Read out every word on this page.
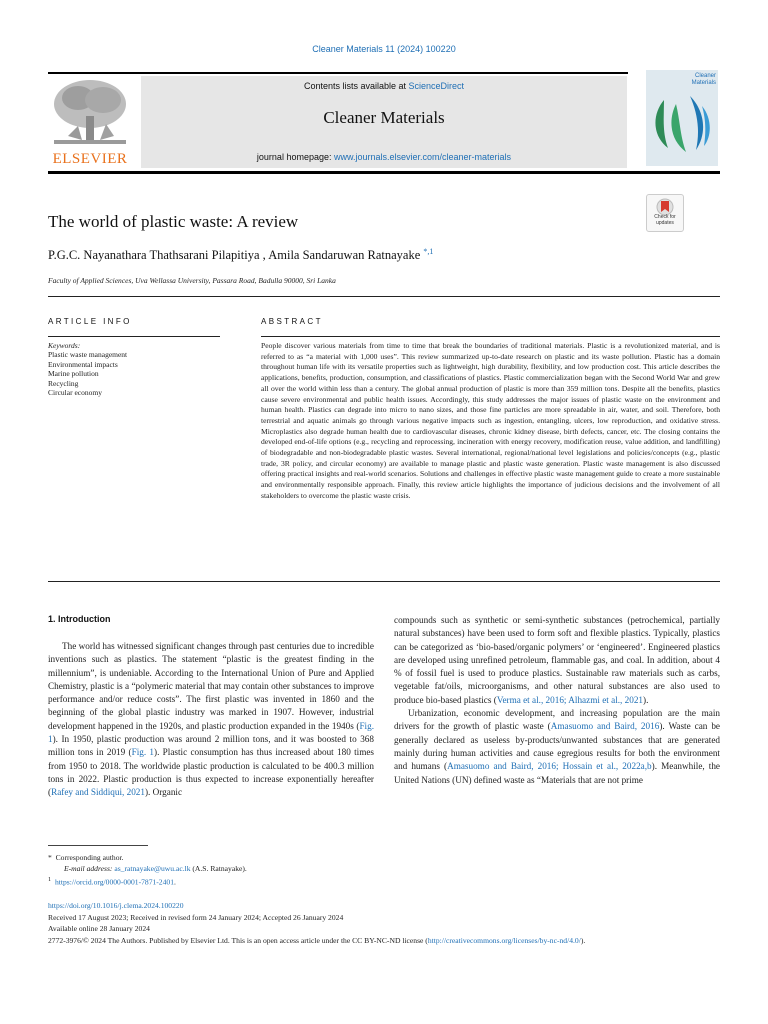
Cleaner Materials 11 (2024) 100220
ELSEVIER
Contents lists available at ScienceDirect
Cleaner Materials
journal homepage: www.journals.elsevier.com/cleaner-materials
Cleaner Materials
The world of plastic waste: A review	Check for updates
P.G.C. Nayanathara Thathsarani Pilapitiya , Amila Sandaruwan Ratnayake $^{*,1}$
Faculty of Applied Sciences, Uva Wellassa University, Passara Road, Badulla 90000, Sri Lanka
ARTICLE INFO	ABSTRACT
Keywords:
Plastic waste management
Environmental impacts
Marine pollution
Recycling
Circular economy
People discover various materials from time to time that break the boundaries of traditional materials. Plastic is a revolutionized material, and is referred to as “a material with 1,000 uses”. This review summarized up-to-date research on plastic and its waste pollution. Plastic has a domain throughout human life with its versatile properties such as lightweight, high durability, flexibility, and low production cost. This article describes the applications, benefits, production, consumption, and classifications of plastics. Plastic commercialization began with the Second World War and grew all over the world within less than a century. The global annual production of plastic is more than 359 million tons. Despite all the benefits, plastics cause severe environmental and public health issues. Accordingly, this study addresses the major issues of plastic waste on the environment and human health. Plastics can degrade into micro to nano sizes, and those fine particles are more spreadable in air, water, and soil. Therefore, both terrestrial and aquatic animals go through various negative impacts such as ingestion, entangling, ulcers, low reproduction, and oxidative stress. Microplastics also degrade human health due to cardiovascular diseases, chronic kidney disease, birth defects, cancer, etc. The closing contains the developed end-of-life options (e.g., recycling and reprocessing, incineration with energy recovery, modification reuse, value addition, and landfilling) of biodegradable and non-biodegradable plastic wastes. Several international, regional/national level legislations and policies/concepts (e.g., plastic trade, 3R policy, and circular economy) are available to manage plastic and plastic waste generation. Plastic waste management is also discussed offering practical insights and real-world scenarios. Solutions and challenges in effective plastic waste management guide to create a more sustainable and environmentally responsible approach. Finally, this review article highlights the importance of judicious decisions and the involvement of all stakeholders to overcome the plastic waste crisis.
1. Introduction
The world has witnessed significant changes through past centuries due to incredible inventions such as plastics. The statement “plastic is the greatest finding in the millennium”, is undeniable. According to the International Union of Pure and Applied Chemistry, plastic is a “polymeric material that may contain other substances to improve performance and/or reduce costs”. The first plastic was invented in 1860 and the beginning of the global plastic industry was marked in 1907. However, industrial development happened in the 1920s, and plastic production expanded in the 1940s (Fig. 1). In 1950, plastic production was around 2 million tons, and it was boosted to 368 million tons in 2019 (Fig. 1). Plastic consumption has thus increased about 180 times from 1950 to 2018. The worldwide plastic production is calculated to be 400.3 million tons in 2022. Plastic production is thus expected to increase exponentially hereafter (Rafey and Siddiqui, 2021). Organic
compounds such as synthetic or semi-synthetic substances (petrochemical, partially natural substances) have been used to form soft and flexible plastics. Typically, plastics can be categorized as ‘bio-based/organic polymers’ or ‘engineered’. Engineered plastics are developed using unrefined petroleum, flammable gas, and coal. In addition, about 4 % of fossil fuel is used to produce plastics. Sustainable raw materials such as carbs, vegetable fat/oils, microorganisms, and other natural substances are also used to produce bio-based plastics (Verma et al., 2016; Alhazmi et al., 2021).
Urbanization, economic development, and increasing population are the main drivers for the growth of plastic waste (Amasuomo and Baird, 2016). Waste can be generally declared as useless by-products/unwanted substances that are generated mainly during human activities and cause egregious results for both the environment and humans (Amasuomo and Baird, 2016; Hossain et al., 2022a,b). Meanwhile, the United Nations (UN) defined waste as “Materials that are not prime
* Corresponding author.
E-mail address: as_ratnayake@uwu.ac.lk (A.S. Ratnayake).
$^1$ https://orcid.org/0000-0001-7871-2401.
https://doi.org/10.1016/j.clema.2024.100220
Received 17 August 2023; Received in revised form 24 January 2024; Accepted 26 January 2024
Available online 28 January 2024
2772-3976/© 2024 The Authors. Published by Elsevier Ltd. This is an open access article under the CC BY-NC-ND license (http://creativecommons.org/licenses/by-nc-nd/4.0/).
